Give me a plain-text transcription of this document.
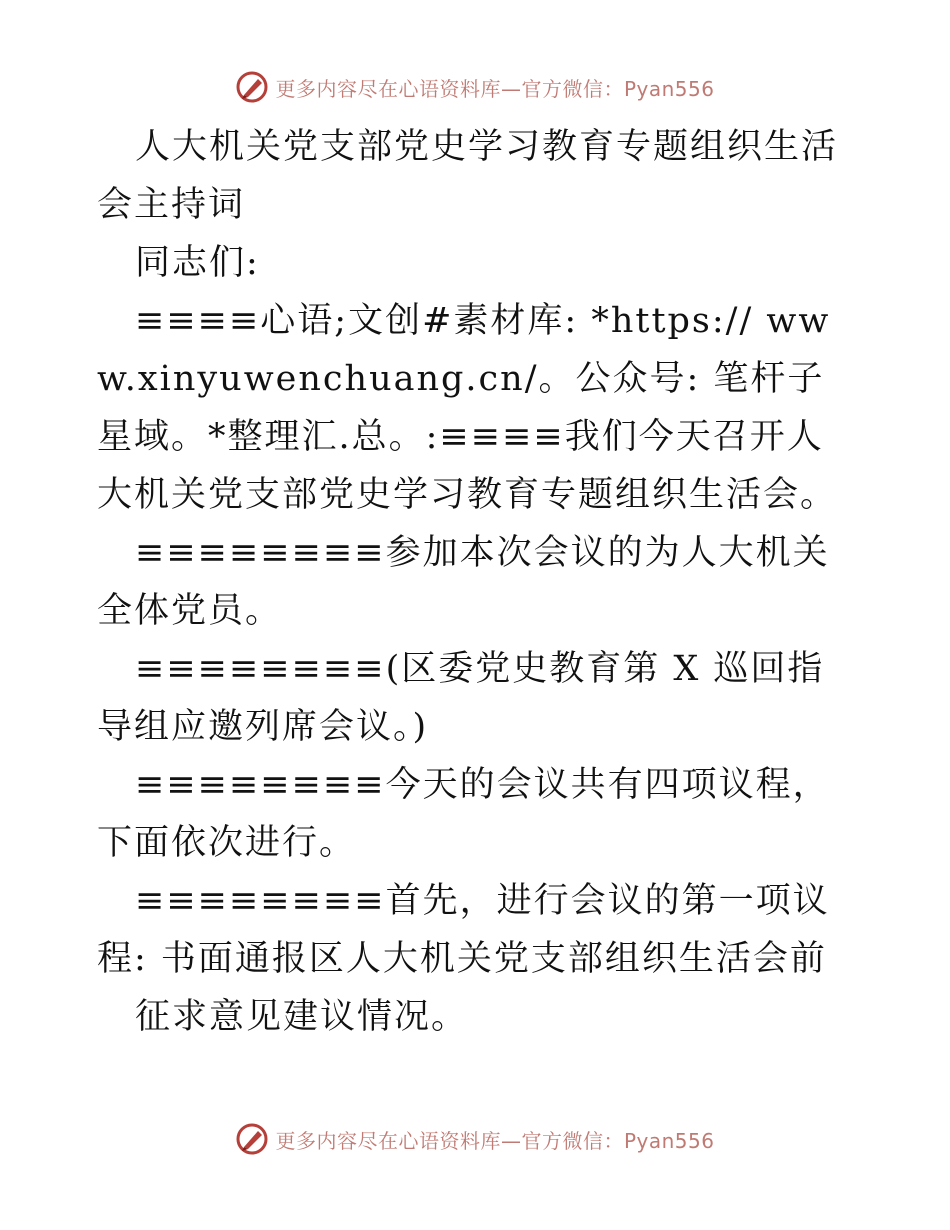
更多内容尽在心语资料库—官方微信：Pyan556

人大机关党支部党史学习教育专题组织生活会主持词

同志们:

≡≡≡≡心语;文创#素材库: *https:// www.xinyuwenchuang.cn/。公众号: 笔杆子星域。*整理汇.总。:≡≡≡≡我们今天召开人大机关党支部党史学习教育专题组织生活会。

≡≡≡≡≡≡≡≡参加本次会议的为人大机关全体党员。

≡≡≡≡≡≡≡≡(区委党史教育第 X 巡回指导组应邀列席会议。)

≡≡≡≡≡≡≡≡今天的会议共有四项议程，下面依次进行。

≡≡≡≡≡≡≡≡首先，进行会议的第一项议程: 书面通报区人大机关党支部组织生活会前

征求意见建议情况。

更多内容尽在心语资料库—官方微信：Pyan556
